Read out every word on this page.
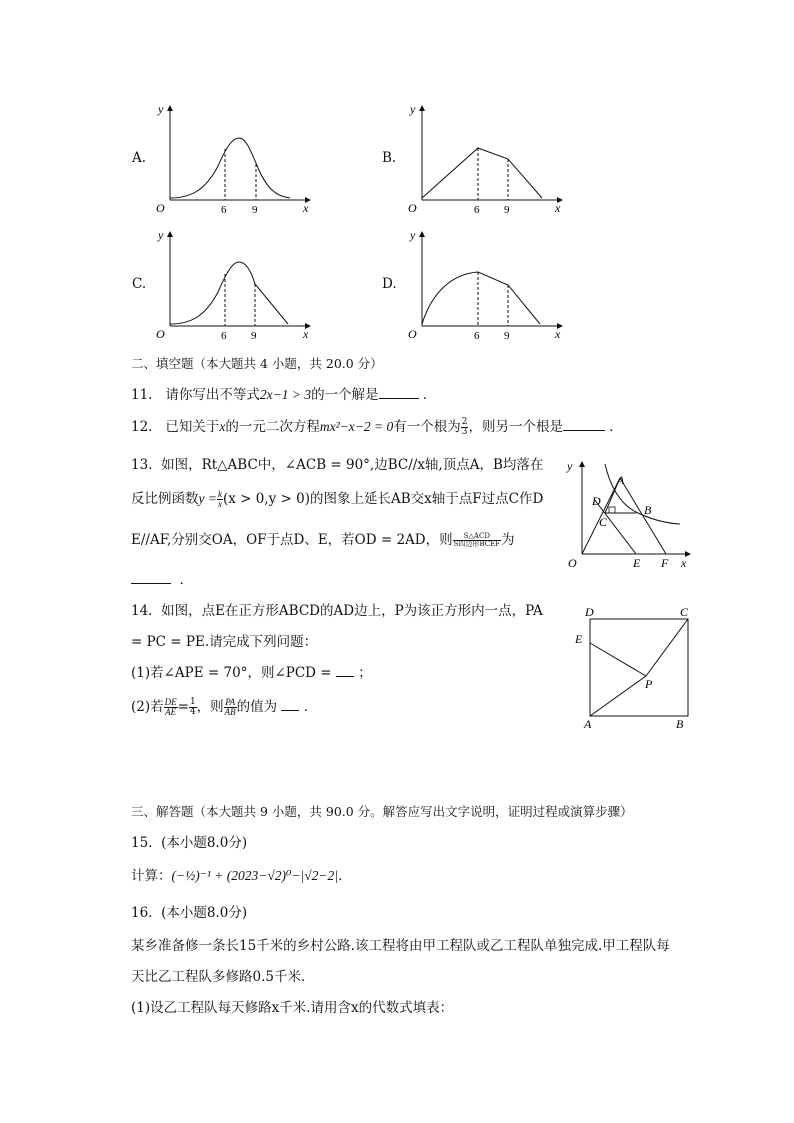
A.	B.
C.	D.
y
x
O	6 9
y
x
O	6 9
y
x
O	6 9
y
x
O	6 9
二、填空题（本大题共 4 小题，共 20.0 分）
11. 请你写出不等式2x−1 > 3的一个解是	．
12. 已知关于x的一元二次方程mx²−x−2 = 0有一个根为 $\frac{2}{3}$ ，则另一个根是	．
13. 如图，Rt△ABC中，∠ACB = 90°,边BC//x轴,顶点A，B均落在
反比例函数$y = \frac{k}{x} (x > 0,y > 0)$的图象上延长AB交x轴于点F过点C作D
E//AF,分别交OA，OF于点D、E，若OD = 2AD，则 $\frac{\text{S△ACD}}{\text{S四边形BCEF}}$ 为
．
y
x
O
A
B
C
D
E F
14. 如图，点E在正方形ABCD的AD边上，P为该正方形内一点，PA
= PC = PE.请完成下列问题：
(1)若∠APE = 70°，则∠PCD = ；
(2)若 $\frac{DE}{AE} = \frac{1}{4}$ ，则 $\frac{PA}{AB}$ 的值为 ．
D	C
E
P
A	B
三、解答题（本大题共 9 小题，共 90.0 分。解答应写出文字说明，证明过程或演算步骤）
15. (本小题8.0分)
计算：(−½)⁻¹ + (2023−√2)⁰−|√2−2|．
16. (本小题8.0分)
某乡准备修一条长15千米的乡村公路.该工程将由甲工程队或乙工程队单独完成.甲工程队每
天比乙工程队多修路0.5千米．
(1)设乙工程队每天修路x千米.请用含x的代数式填表：
